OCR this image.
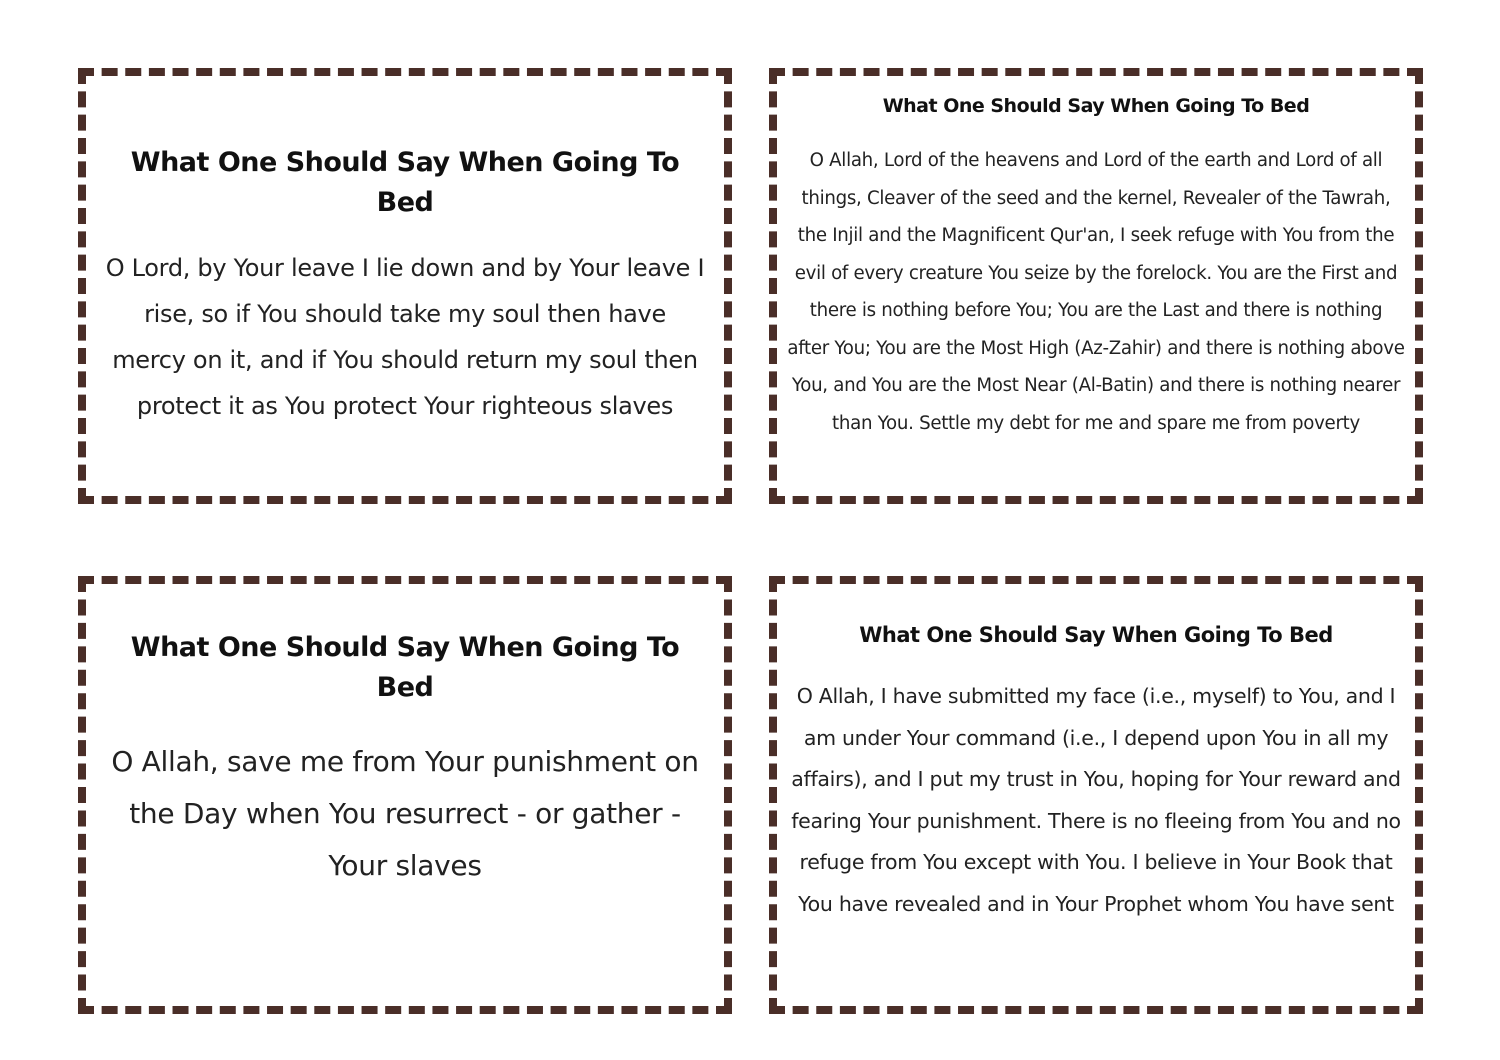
What One Should Say When Going To Bed

O Lord, by Your leave I lie down and by Your leave I rise, so if You should take my soul then have mercy on it, and if You should return my soul then protect it as You protect Your righteous slaves

What One Should Say When Going To Bed

O Allah, Lord of the heavens and Lord of the earth and Lord of all things, Cleaver of the seed and the kernel, Revealer of the Tawrah, the Injil and the Magnificent Qur'an, I seek refuge with You from the evil of every creature You seize by the forelock. You are the First and there is nothing before You; You are the Last and there is nothing after You; You are the Most High (Az-Zahir) and there is nothing above You, and You are the Most Near (Al-Batin) and there is nothing nearer than You. Settle my debt for me and spare me from poverty

What One Should Say When Going To Bed

O Allah, save me from Your punishment on the Day when You resurrect - or gather - Your slaves

What One Should Say When Going To Bed

O Allah, I have submitted my face (i.e., myself) to You, and I am under Your command (i.e., I depend upon You in all my affairs), and I put my trust in You, hoping for Your reward and fearing Your punishment. There is no fleeing from You and no refuge from You except with You. I believe in Your Book that You have revealed and in Your Prophet whom You have sent
